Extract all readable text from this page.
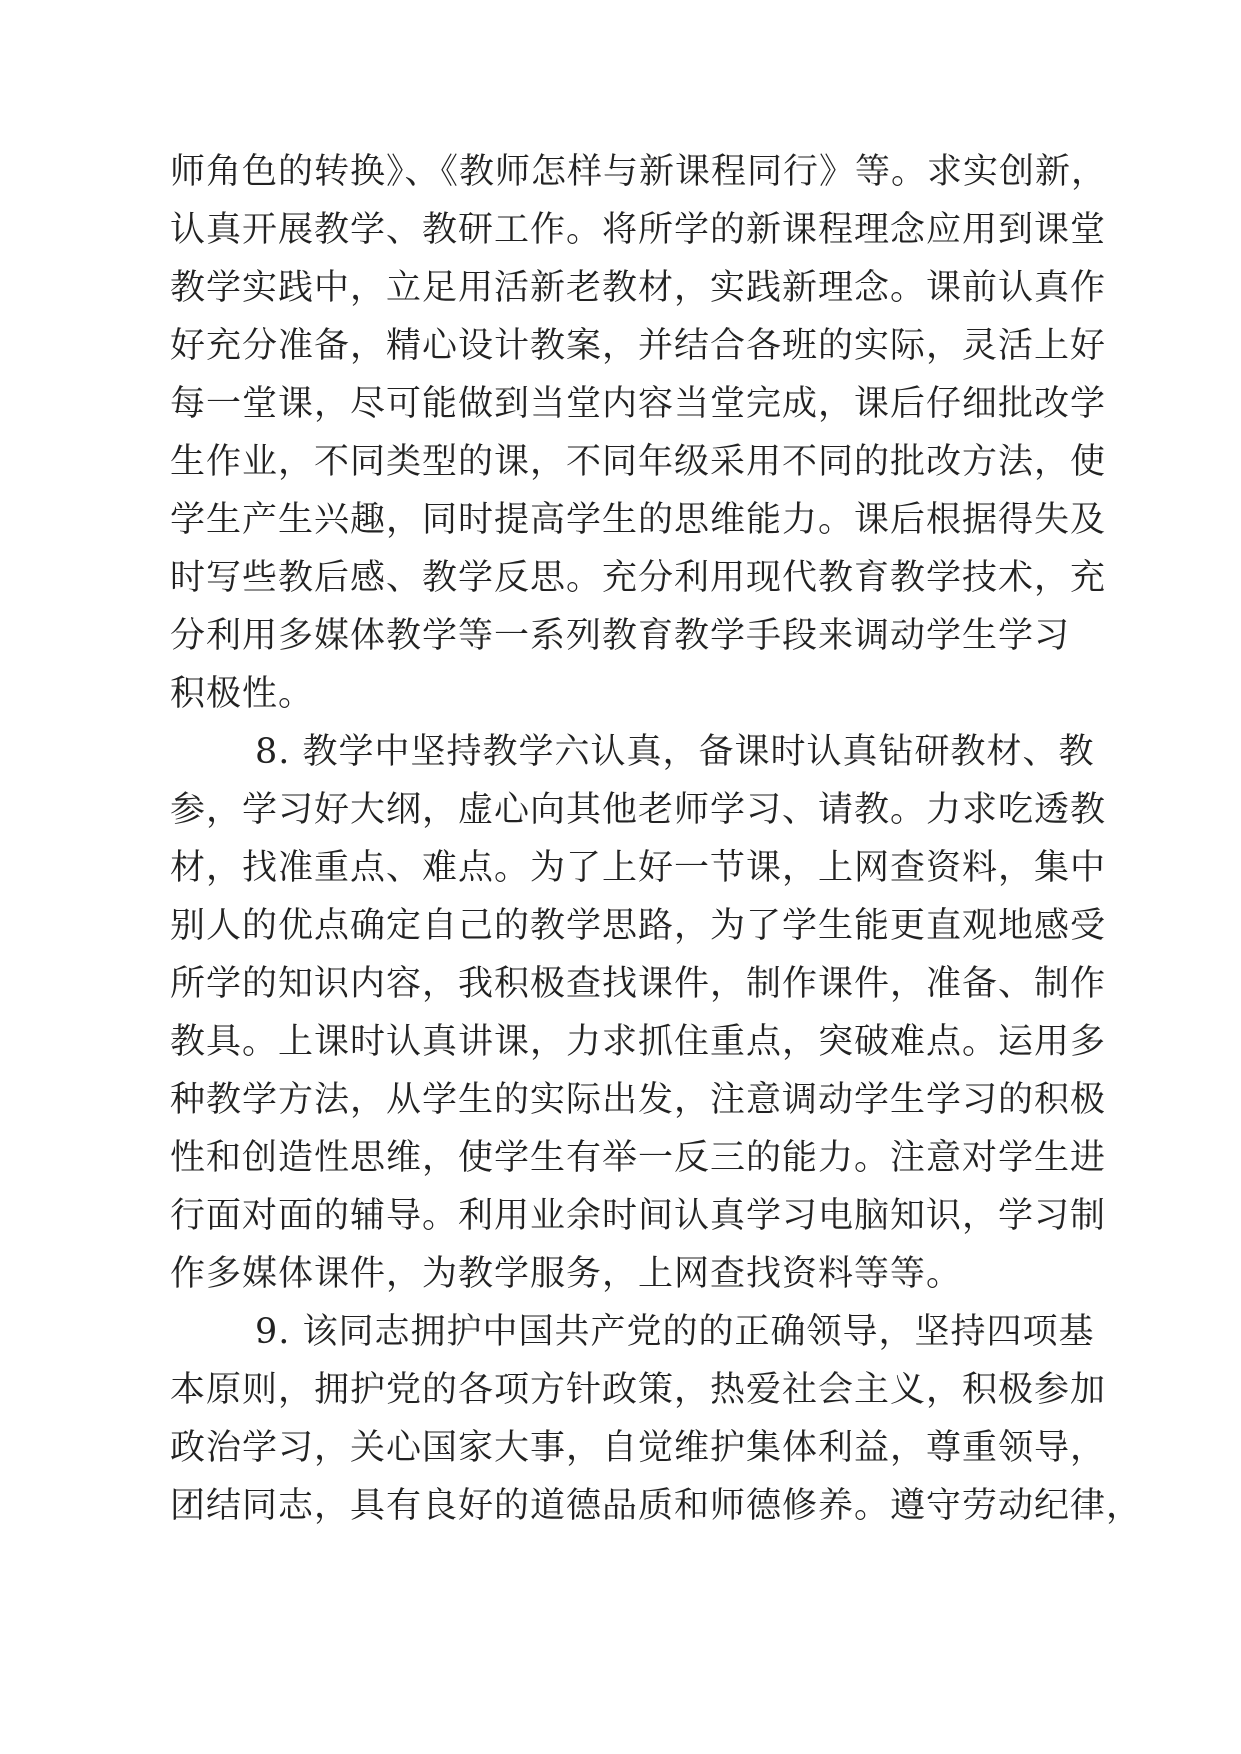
师角色的转换》、《教师怎样与新课程同行》等。求实创新，
认真开展教学、教研工作。将所学的新课程理念应用到课堂
教学实践中，立足用活新老教材，实践新理念。课前认真作
好充分准备，精心设计教案，并结合各班的实际，灵活上好
每一堂课，尽可能做到当堂内容当堂完成，课后仔细批改学
生作业，不同类型的课，不同年级采用不同的批改方法，使
学生产生兴趣，同时提高学生的思维能力。课后根据得失及
时写些教后感、教学反思。充分利用现代教育教学技术，充
分利用多媒体教学等一系列教育教学手段来调动学生学习
积极性。
8. 教学中坚持教学六认真，备课时认真钻研教材、教
参，学习好大纲，虚心向其他老师学习、请教。力求吃透教
材，找准重点、难点。为了上好一节课，上网查资料，集中
别人的优点确定自己的教学思路，为了学生能更直观地感受
所学的知识内容，我积极查找课件，制作课件，准备、制作
教具。上课时认真讲课，力求抓住重点，突破难点。运用多
种教学方法，从学生的实际出发，注意调动学生学习的积极
性和创造性思维，使学生有举一反三的能力。注意对学生进
行面对面的辅导。利用业余时间认真学习电脑知识，学习制
作多媒体课件，为教学服务，上网查找资料等等。
9. 该同志拥护中国共产党的的正确领导，坚持四项基
本原则，拥护党的各项方针政策，热爱社会主义，积极参加
政治学习，关心国家大事，自觉维护集体利益，尊重领导，
团结同志，具有良好的道德品质和师德修养。遵守劳动纪律，
